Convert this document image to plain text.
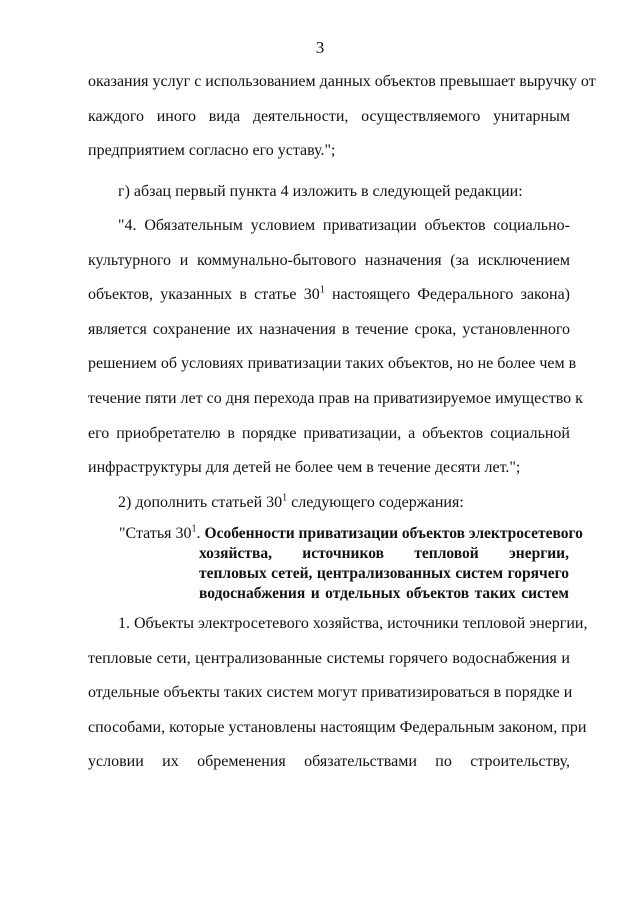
3
оказания услуг с использованием данных объектов превышает выручку от
каждого иного вида деятельности, осуществляемого унитарным
предприятием согласно его уставу.";
г) абзац первый пункта 4 изложить в следующей редакции:
"4. Обязательным условием приватизации объектов социально-
культурного и коммунально-бытового назначения (за исключением
объектов, указанных в статье $30^1$ настоящего Федерального закона)
является сохранение их назначения в течение срока, установленного
решением об условиях приватизации таких объектов, но не более чем в
течение пяти лет со дня перехода прав на приватизируемое имущество к
его приобретателю в порядке приватизации, а объектов социальной
инфраструктуры для детей не более чем в течение десяти лет.";
2) дополнить статьей $30^1$ следующего содержания:
"Статья $30^1$. Особенности приватизации объектов электросетевого
хозяйства, источников тепловой энергии,
тепловых сетей, централизованных систем горячего
водоснабжения и отдельных объектов таких систем
1. Объекты электросетевого хозяйства, источники тепловой энергии,
тепловые сети, централизованные системы горячего водоснабжения и
отдельные объекты таких систем могут приватизироваться в порядке и
способами, которые установлены настоящим Федеральным законом, при
условии их обременения обязательствами по строительству,
